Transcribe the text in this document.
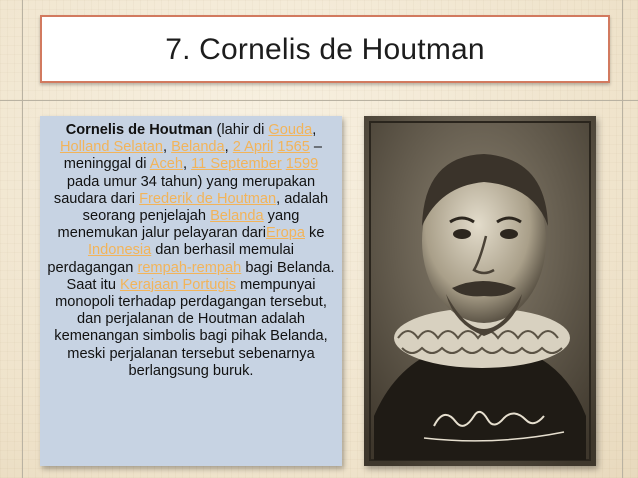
7. Cornelis de Houtman

Cornelis de Houtman (lahir di Gouda, Holland Selatan, Belanda, 2 April 1565 – meninggal di Aceh, 11 September 1599 pada umur 34 tahun) yang merupakan saudara dari Frederik de Houtman, adalah seorang penjelajah Belanda yang menemukan jalur pelayaran dariEropa ke Indonesia dan berhasil memulai perdagangan rempah-rempah bagi Belanda. Saat itu Kerajaan Portugis mempunyai monopoli terhadap perdagangan tersebut, dan perjalanan de Houtman adalah kemenangan simbolis bagi pihak Belanda, meski perjalanan tersebut sebenarnya berlangsung buruk.
